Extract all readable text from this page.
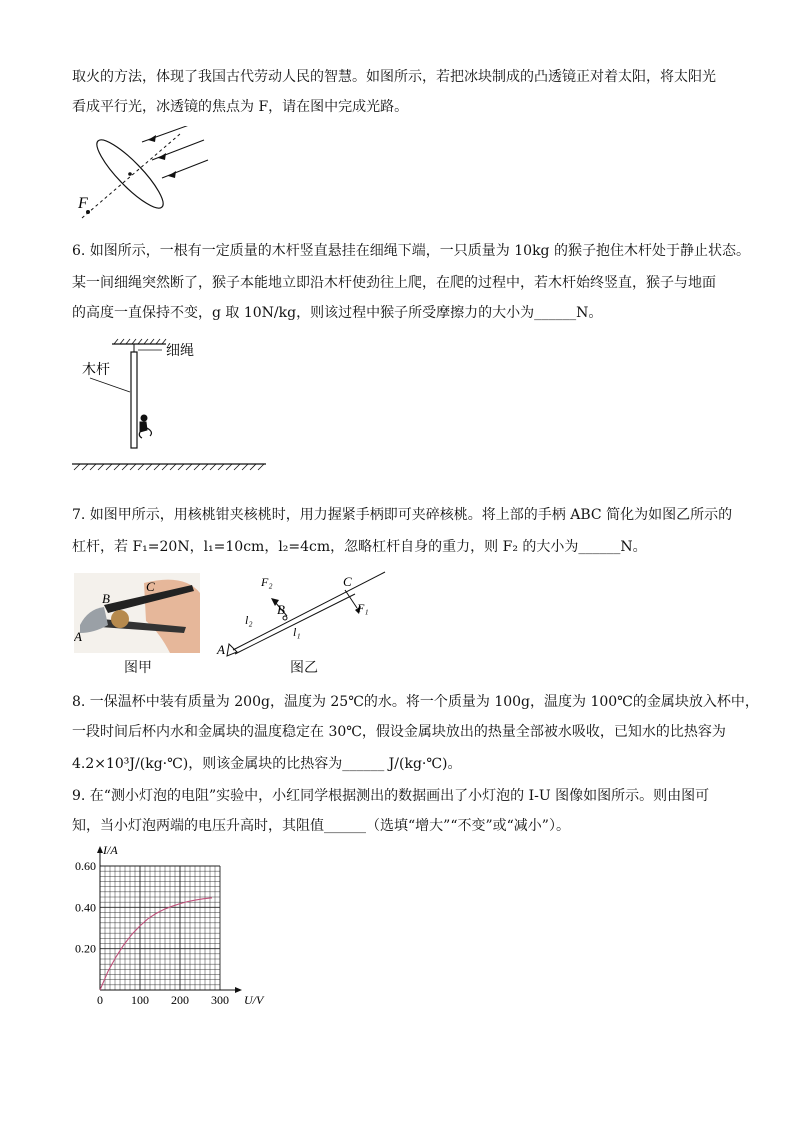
取火的方法，体现了我国古代劳动人民的智慧。如图所示，若把冰块制成的凸透镜正对着太阳，将太阳光
看成平行光，冰透镜的焦点为 F，请在图中完成光路。
F
6. 如图所示，一根有一定质量的木杆竖直悬挂在细绳下端，一只质量为 10kg 的猴子抱住木杆处于静止状态。
某一间细绳突然断了，猴子本能地立即沿木杆使劲往上爬，在爬的过程中，若木杆始终竖直，猴子与地面
的高度一直保持不变，g 取 10N/kg，则该过程中猴子所受摩擦力的大小为______N。
细绳
木杆
7. 如图甲所示，用核桃钳夹核桃时，用力握紧手柄即可夹碎核桃。将上部的手柄 ABC 简化为如图乙所示的
杠杆，若 F₁=20N，l₁=10cm，l₂=4cm，忽略杠杆自身的重力，则 F₂ 的大小为______N。
B
C
A
图甲
F₂	C
F₁
B
l₂
l₁
A
图乙
8. 一保温杯中装有质量为 200g，温度为 25℃的水。将一个质量为 100g，温度为 100℃的金属块放入杯中，
一段时间后杯内水和金属块的温度稳定在 30℃，假设金属块放出的热量全部被水吸收，已知水的比热容为
4.2×10³J/(kg·℃)，则该金属块的比热容为______ J/(kg·℃)。
9. 在“测小灯泡的电阻”实验中，小红同学根据测出的数据画出了小灯泡的 I-U 图像如图所示。则由图可
知，当小灯泡两端的电压升高时，其阻值______（选填“增大”“不变”或“减小”）。
0 100 200 300
0.20
0.40
0.60
U/V
I/A
